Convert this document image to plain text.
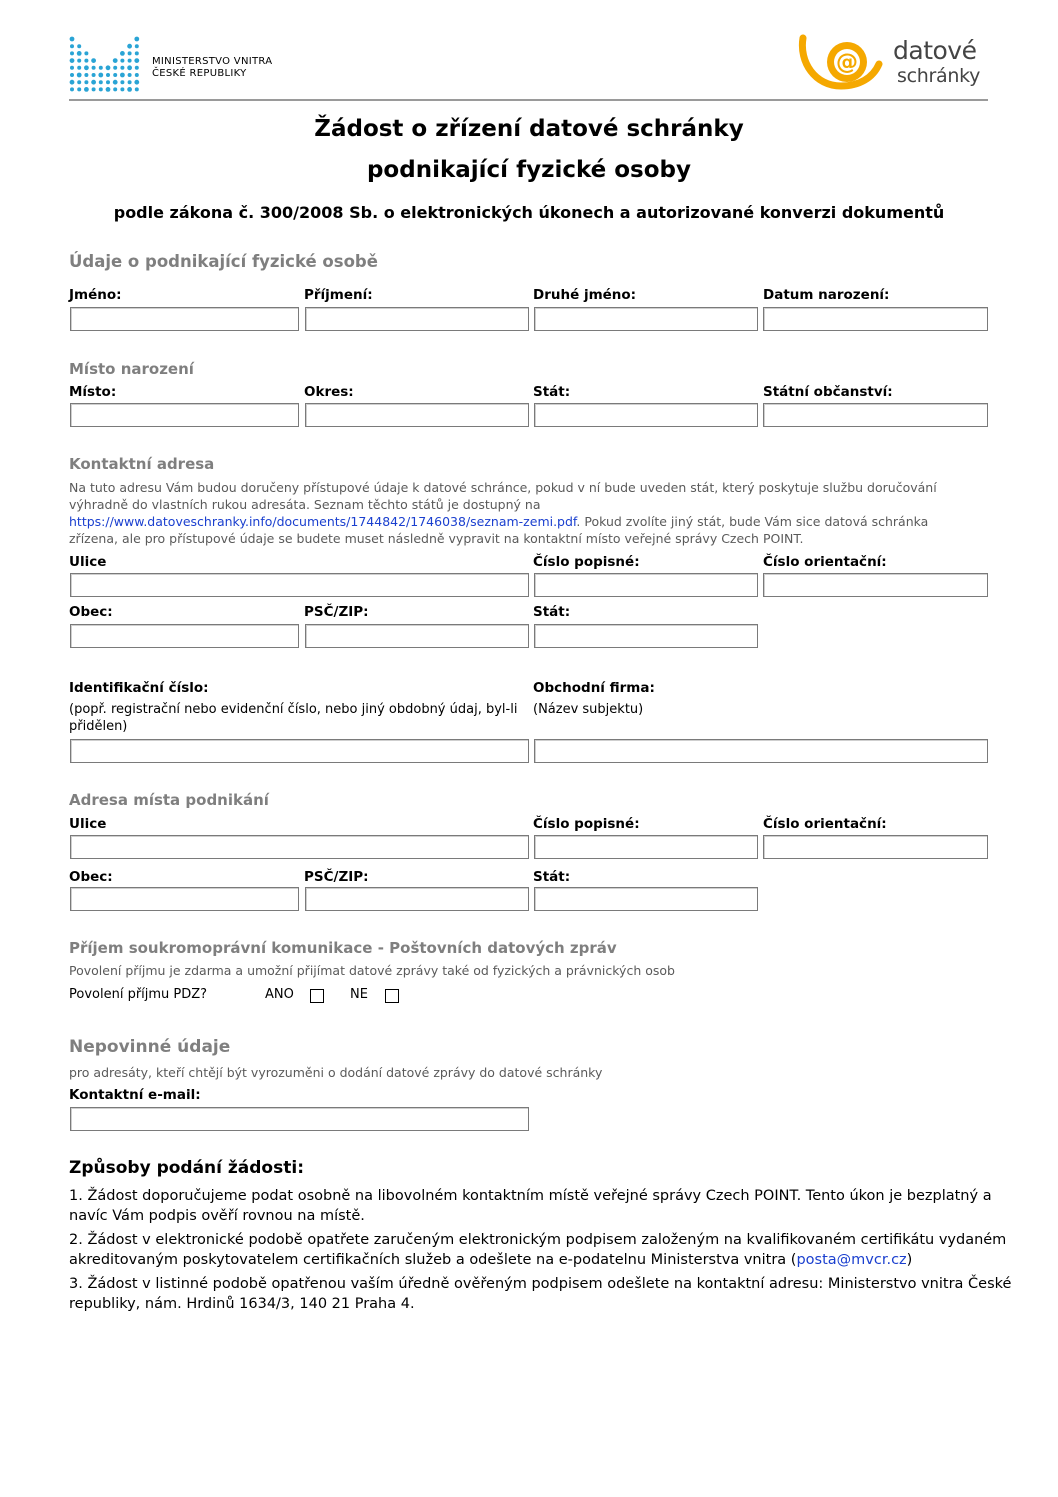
MINISTERSTVO VNITRA
ČESKÉ REPUBLIKY	@ datové
schránky
Žádost o zřízení datové schránky
podnikající fyzické osoby
podle zákona č. 300/2008 Sb. o elektronických úkonech a autorizované konverzi dokumentů
Údaje o podnikající fyzické osobě
Jméno:	Příjmení:	Druhé jméno:	Datum narození:
Místo narození
Místo:	Okres:	Stát:	Státní občanství:
Kontaktní adresa
Na tuto adresu Vám budou doručeny přístupové údaje k datové schránce, pokud v ní bude uveden stát, který poskytuje službu doručování
výhradně do vlastních rukou adresáta. Seznam těchto států je dostupný na
https://www.datoveschranky.info/documents/1744842/1746038/seznam-zemi.pdf. Pokud zvolíte jiný stát, bude Vám sice datová schránka
zřízena, ale pro přístupové údaje se budete muset následně vypravit na kontaktní místo veřejné správy Czech POINT.
Ulice	Číslo popisné:	Číslo orientační:
Obec:	PSČ/ZIP:	Stát:
Identifikační číslo:
(popř. registrační nebo evidenční číslo, nebo jiný obdobný údaj, byl-li
přidělen)
Obchodní firma:
(Název subjektu)
Adresa místa podnikání
Ulice	Číslo popisné:	Číslo orientační:
Obec:	PSČ/ZIP:	Stát:
Příjem soukromoprávní komunikace - Poštovních datových zpráv
Povolení příjmu je zdarma a umožní přijímat datové zprávy také od fyzických a právnických osob
Povolení příjmu PDZ?	ANO	NE
Nepovinné údaje
pro adresáty, kteří chtějí být vyrozuměni o dodání datové zprávy do datové schránky
Kontaktní e-mail:
Způsoby podání žádosti:
1. Žádost doporučujeme podat osobně na libovolném kontaktním místě veřejné správy Czech POINT. Tento úkon je bezplatný a
navíc Vám podpis ověří rovnou na místě.
2. Žádost v elektronické podobě opatřete zaručeným elektronickým podpisem založeným na kvalifikovaném certifikátu vydaném
akreditovaným poskytovatelem certifikačních služeb a odešlete na e-podatelnu Ministerstva vnitra (posta@mvcr.cz)
3. Žádost v listinné podobě opatřenou vaším úředně ověřeným podpisem odešlete na kontaktní adresu: Ministerstvo vnitra České
republiky, nám. Hrdinů 1634/3, 140 21 Praha 4.
